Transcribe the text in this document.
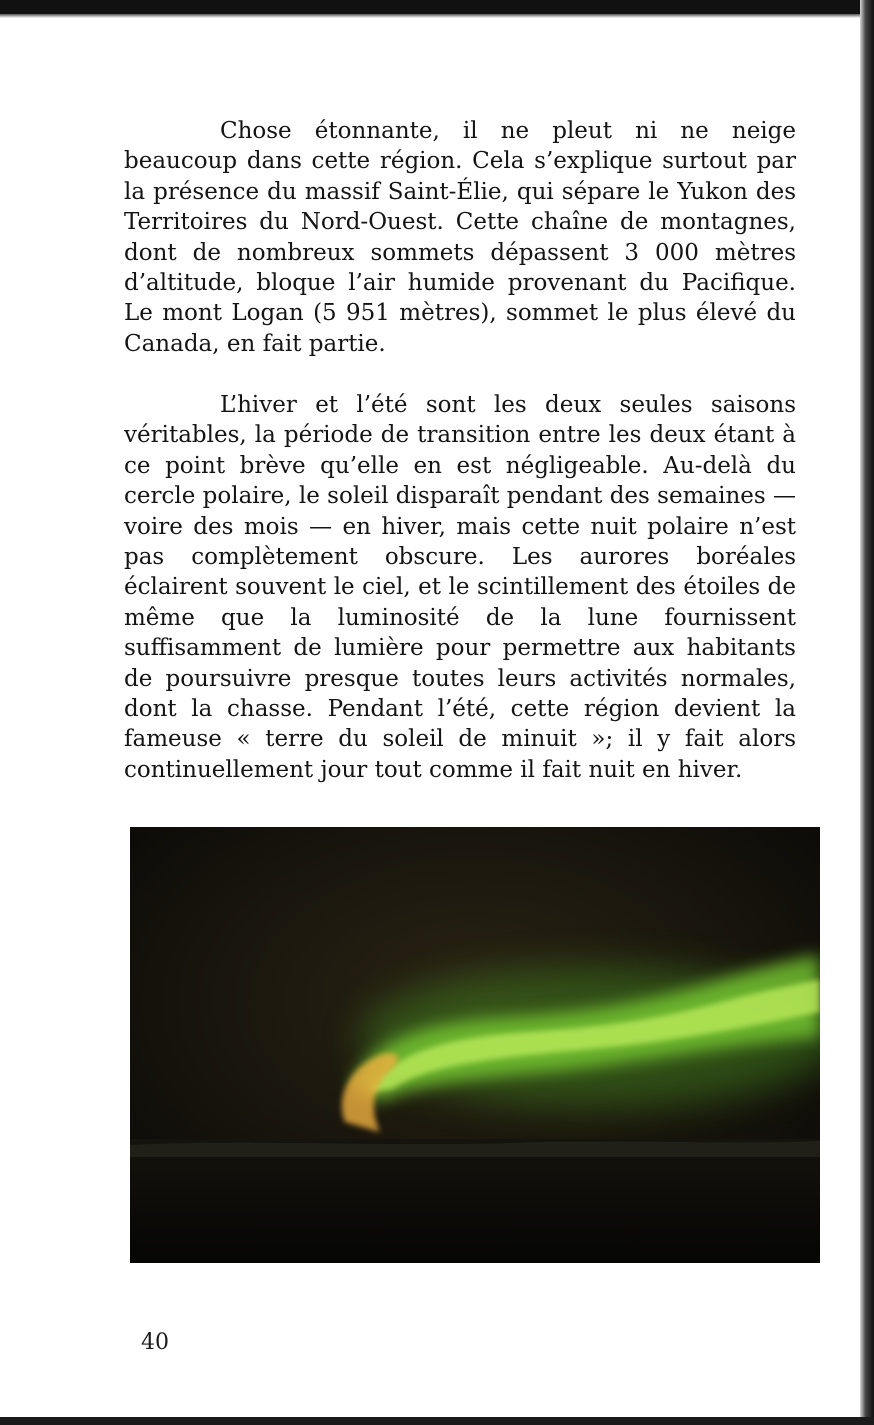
Chose étonnante, il ne pleut ni ne neige beaucoup dans cette région. Cela s’explique surtout par la présence du massif Saint-Élie, qui sépare le Yukon des Territoires du Nord-Ouest. Cette chaîne de montagnes, dont de nombreux sommets dépassent 3 000 mètres d’altitude, bloque l’air humide provenant du Pacifique. Le mont Logan (5 951 mètres), sommet le plus élevé du Canada, en fait partie.

L’hiver et l’été sont les deux seules saisons véritables, la période de transition entre les deux étant à ce point brève qu’elle en est négligeable. Au-delà du cercle polaire, le soleil disparaît pendant des semaines — voire des mois — en hiver, mais cette nuit polaire n’est pas complètement obscure. Les aurores boréales éclairent souvent le ciel, et le scintillement des étoiles de même que la luminosité de la lune fournissent suffisamment de lumière pour permettre aux habitants de poursuivre presque toutes leurs activités normales, dont la chasse. Pendant l’été, cette région devient la fameuse « terre du soleil de minuit »; il y fait alors continuellement jour tout comme il fait nuit en hiver.

40
